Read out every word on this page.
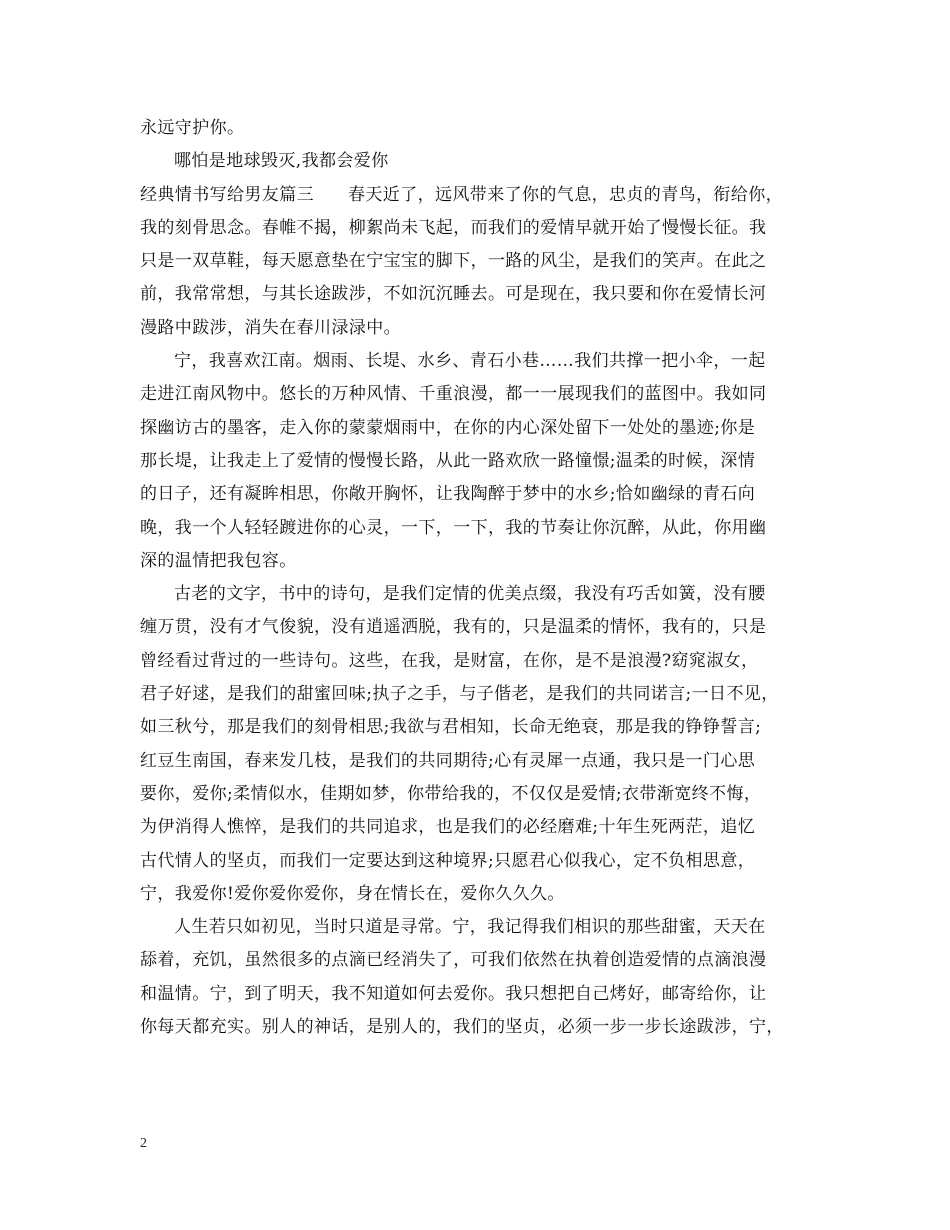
永远守护你。
哪怕是地球毁灭,我都会爱你
经典情书写给男友篇三 春天近了，远风带来了你的气息，忠贞的青鸟，衔给你，
我的刻骨思念。春帷不揭，柳絮尚未飞起，而我们的爱情早就开始了慢慢长征。我
只是一双草鞋，每天愿意垫在宁宝宝的脚下，一路的风尘，是我们的笑声。在此之
前，我常常想，与其长途跋涉，不如沉沉睡去。可是现在，我只要和你在爱情长河
漫路中跋涉，消失在春川渌渌中。
宁，我喜欢江南。烟雨、长堤、水乡、青石小巷……我们共撑一把小伞，一起
走进江南风物中。悠长的万种风情、千重浪漫，都一一展现我们的蓝图中。我如同
探幽访古的墨客，走入你的蒙蒙烟雨中，在你的内心深处留下一处处的墨迹;你是
那长堤，让我走上了爱情的慢慢长路，从此一路欢欣一路憧憬;温柔的时候，深情
的日子，还有凝眸相思，你敞开胸怀，让我陶醉于梦中的水乡;恰如幽绿的青石向
晚，我一个人轻轻踱进你的心灵，一下，一下，我的节奏让你沉醉，从此，你用幽
深的温情把我包容。
古老的文字，书中的诗句，是我们定情的优美点缀，我没有巧舌如簧，没有腰
缠万贯，没有才气俊貌，没有逍遥洒脱，我有的，只是温柔的情怀，我有的，只是
曾经看过背过的一些诗句。这些，在我，是财富，在你，是不是浪漫?窈窕淑女，
君子好逑，是我们的甜蜜回味;执子之手，与子偕老，是我们的共同诺言;一日不见，
如三秋兮，那是我们的刻骨相思;我欲与君相知，长命无绝衰，那是我的铮铮誓言;
红豆生南国，春来发几枝，是我们的共同期待;心有灵犀一点通，我只是一门心思
要你，爱你;柔情似水，佳期如梦，你带给我的，不仅仅是爱情;衣带渐宽终不悔，
为伊消得人憔悴，是我们的共同追求，也是我们的必经磨难;十年生死两茫，追忆
古代情人的坚贞，而我们一定要达到这种境界;只愿君心似我心，定不负相思意，
宁，我爱你!爱你爱你爱你，身在情长在，爱你久久久。
人生若只如初见，当时只道是寻常。宁，我记得我们相识的那些甜蜜，天天在
舔着，充饥，虽然很多的点滴已经消失了，可我们依然在执着创造爱情的点滴浪漫
和温情。宁，到了明天，我不知道如何去爱你。我只想把自己烤好，邮寄给你，让
你每天都充实。别人的神话，是别人的，我们的坚贞，必须一步一步长途跋涉，宁，
2
